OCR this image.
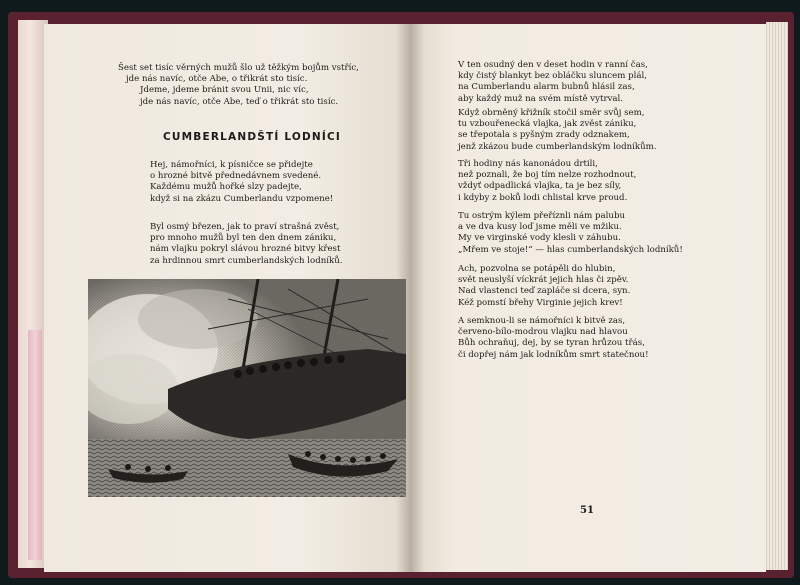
Šest set tisíc věrných mužů šlo už těžkým bojům vstříc,
jde nás navíc, otče Abe, o třikrát sto tisíc.
Jdeme, jdeme bránit svou Unii, nic víc,
jde nás navíc, otče Abe, teď o třikrát sto tisíc.
CUMBERLANDŠTÍ LODNÍCI
Hej, námořníci, k písničce se přidejte
o hrozné bitvě přednedávnem svedené.
Každému mužů hořké slzy padejte,
když si na zkázu Cumberlandu vzpomene!
Byl osmý březen, jak to praví strašná zvěst,
pro mnoho mužů byl ten den dnem zániku,
nám vlajku pokryl slávou hrozné bitvy křest
za hrdinnou smrt cumberlandských lodníků.
V ten osudný den v deset hodin v ranní čas,
kdy čistý blankyt bez obláčku sluncem plál,
na Cumberlandu alarm bubnů hlásil zas,
aby každý muž na svém místě vytrval.
Když obrněný křižník stočil směr svůj sem,
tu vzbouřenecká vlajka, jak zvěst zániku,
se třepotala s pyšným zrady odznakem,
jenž zkázou bude cumberlandským lodníkům.
Tři hodiny nás kanonádou drtili,
než poznali, že boj tím nelze rozhodnout,
vždyť odpadlická vlajka, ta je bez síly,
i kdyby z boků lodi chlistal krve proud.
Tu ostrým kýlem přeříznli nám palubu
a ve dva kusy loď jsme měli ve mžiku.
My ve virginské vody klesli v záhubu.
„Mřem ve stoje!“ — hlas cumberlandských lodníků!
Ach, pozvolna se potápěli do hlubin,
svět neuslyší víckrát jejich hlas či zpěv.
Nad vlastenci teď zapláče si dcera, syn.
Kéž pomstí břehy Virginie jejich krev!
A semknou-li se námořníci k bitvě zas,
červeno-bílo-modrou vlajku nad hlavou
Bůh ochraňuj, dej, by se tyran hrůzou třás,
či dopřej nám jak lodníkům smrt statečnou!
51
